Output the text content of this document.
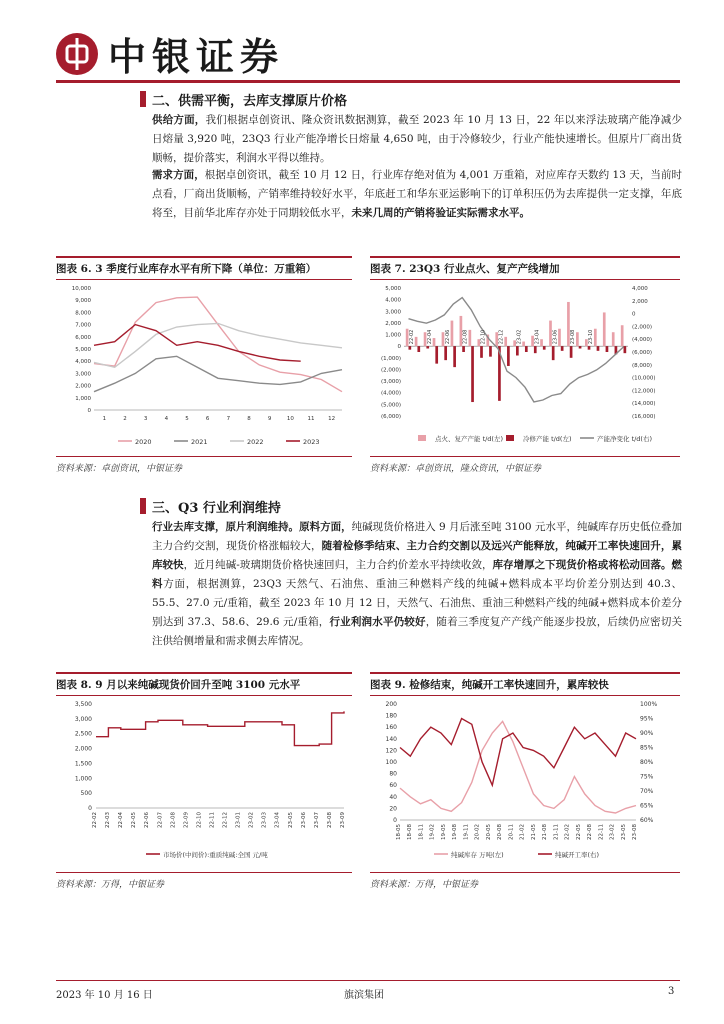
中银证券
二、供需平衡，去库支撑原片价格

供给方面，我们根据卓创资讯、隆众资讯数据测算，截至 2023 年 10 月 13 日，22 年以来浮法玻璃产能净减少日熔量 3,920 吨，23Q3 行业产能净增长日熔量 4,650 吨，由于冷修较少，行业产能快速增长。但原片厂商出货顺畅，提价落实，利润水平得以维持。

需求方面，根据卓创资讯，截至 10 月 12 日，行业库存绝对值为 4,001 万重箱，对应库存天数约 13 天，当前时点看，厂商出货顺畅，产销率维持较好水平，年底赶工和华东亚运影响下的订单积压仍为去库提供一定支撑，年底将至，目前华北库存亦处于同期较低水平，未来几周的产销将验证实际需求水平。

图表 6. 3 季度行业库存水平有所下降（单位：万重箱）
0
1,000
2,000
3,000
4,000
5,000
6,000
7,000
8,000
9,000
10,000
1	2	3	4	5	6	7	8	9	10 11 12
2020	2021	2022	2023
资料来源：卓创资讯，中银证券
图表 7. 23Q3 行业点火、复产产线增加
5,000
4,000
3,000
2,000
1,000
0
(1,000)
(2,000)
(3,000)
(4,000)
(5,000)
(6,000)
4,000
2,000
0
(2,000)
(4,000)
(6,000)
(8,000)
(10,000)
(12,000)
(14,000)
(16,000)
22-02 22-04 22-06 22-08 22-10 22-12 23-02 23-04 23-06 23-08 23-10
点火、复产产能 t/d(左)	冷修产能 t/d(左)	产能净变化 t/d(右)
资料来源：卓创资讯，隆众资讯，中银证券
三、Q3 行业利润维持

行业去库支撑，原片利润维持。原料方面，纯碱现货价格进入 9 月后涨至吨 3100 元水平，纯碱库存历史低位叠加主力合约交割，现货价格涨幅较大，随着检修季结束、主力合约交割以及远兴产能释放，纯碱开工率快速回升，累库较快，近月纯碱-玻璃期货价格快速回归，主力合约价差水平持续收敛，库存增厚之下现货价格或将松动回落。燃料方面，根据测算，23Q3 天然气、石油焦、重油三种燃料产线的纯碱+燃料成本平均价差分别达到 40.3、55.5、27.0 元/重箱，截至 2023 年 10 月 12 日，天然气、石油焦、重油三种燃料产线的纯碱+燃料成本价差分别达到 37.3、58.6、29.6 元/重箱，行业利润水平仍较好，随着三季度复产产线产能逐步投放，后续仍应密切关注供给侧增量和需求侧去库情况。

图表 8. 9 月以来纯碱现货价回升至吨 3100 元水平
0
500
1,000
1,500
2,000
2,500
3,000
3,500
22-02 22-03 22-04 22-05 22-06 22-07 22-08 22-09 22-10 22-11 22-12 23-01 23-02 23-03 23-04 23-05 23-06 23-07 23-08 23-09
市场价(中间价):重质纯碱:全国 元/吨
资料来源：万得，中银证券
图表 9. 检修结束，纯碱开工率快速回升，累库较快
0
20
40
60
80
100
120
140
160
180
200
60%
65%
70%
75%
80%
85%
90%
95%
100%
18-05 18-08 18-11 19-02 19-05 19-08 19-11 20-02 20-05 20-08 20-11 21-02 21-05 21-08 21-11 22-02 22-05 22-08 22-11 23-02 23-05 23-08
纯碱库存 万吨(左)	纯碱开工率(右)
资料来源：万得，中银证券
2023 年 10 月 16 日	旗滨集团	3
